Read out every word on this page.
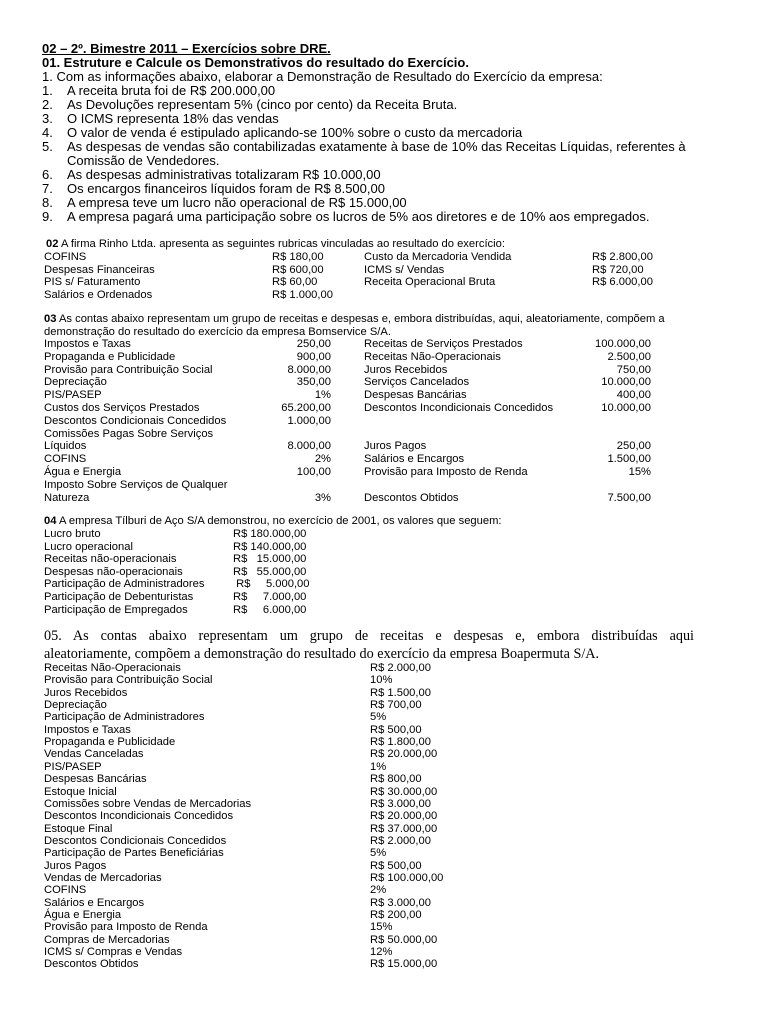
02 – 2º. Bimestre 2011 – Exercícios sobre DRE.
01. Estruture e Calcule os Demonstrativos do resultado do Exercício.
1. Com as informações abaixo, elaborar a Demonstração de Resultado do Exercício da empresa:
1. A receita bruta foi de R$ 200.000,00
2. As Devoluções representam 5% (cinco por cento) da Receita Bruta.
3. O ICMS representa 18% das vendas
4. O valor de venda é estipulado aplicando-se 100% sobre o custo da mercadoria
5. As despesas de vendas são contabilizadas exatamente à base de 10% das Receitas Líquidas, referentes à
Comissão de Vendedores.
6. As despesas administrativas totalizaram R$ 10.000,00
7. Os encargos financeiros líquidos foram de R$ 8.500,00
8. A empresa teve um lucro não operacional de R$ 15.000,00
9. A empresa pagará uma participação sobre os lucros de 5% aos diretores e de 10% aos empregados.
02 A firma Rinho Ltda. apresenta as seguintes rubricas vinculadas ao resultado do exercício:
COFINS	R$ 180,00
Despesas Financeiras	R$ 600,00
PIS s/ Faturamento	R$ 60,00
Salários e Ordenados	R$ 1.000,00
Custo da Mercadoria Vendida	R$ 2.800,00
ICMS s/ Vendas	R$ 720,00
Receita Operacional Bruta	R$ 6.000,00
03 As contas abaixo representam um grupo de receitas e despesas e, embora distribuídas, aqui, aleatoriamente, compõem a
demonstração do resultado do exercício da empresa Bomservice S/A.
Impostos e Taxas	250,00
Propaganda e Publicidade	900,00
Provisão para Contribuição Social	8.000,00
Depreciação	350,00
PIS/PASEP	1%
Custos dos Serviços Prestados	65.200,00
Descontos Condicionais Concedidos	1.000,00
Comissões Pagas Sobre Serviços
Líquidos	8.000,00
COFINS	2%
Água e Energia	100,00
Imposto Sobre Serviços de Qualquer
Natureza	3%
Receitas de Serviços Prestados	100.000,00
Receitas Não-Operacionais	2.500,00
Juros Recebidos	750,00
Serviços Cancelados	10.000,00
Despesas Bancárias	400,00
Descontos Incondicionais Concedidos	10.000,00
Juros Pagos	250,00
Salários e Encargos	1.500,00
Provisão para Imposto de Renda	15%
Descontos Obtidos	7.500,00
04 A empresa Tílburi de Aço S/A demonstrou, no exercício de 2001, os valores que seguem:
Lucro bruto	R$ 180.000,00
Lucro operacional	R$ 140.000,00
Receitas não-operacionais	R$   15.000,00
Despesas não-operacionais	R$   55.000,00
Participação de Administradores	R$     5.000,00
Participação de Debenturistas	R$     7.000,00
Participação de Empregados	R$     6.000,00
05. As contas abaixo representam um grupo de receitas e despesas e, embora distribuídas aqui
aleatoriamente, compõem a demonstração do resultado do exercício da empresa Boapermuta S/A.
Receitas Não-Operacionais	R$ 2.000,00
Provisão para Contribuição Social	10%
Juros Recebidos	R$ 1.500,00
Depreciação	R$ 700,00
Participação de Administradores	5%
Impostos e Taxas	R$ 500,00
Propaganda e Publicidade	R$ 1.800,00
Vendas Canceladas	R$ 20.000,00
PIS/PASEP	1%
Despesas Bancárias	R$ 800,00
Estoque Inicial	R$ 30.000,00
Comissões sobre Vendas de Mercadorias	R$ 3.000,00
Descontos Incondicionais Concedidos	R$ 20.000,00
Estoque Final	R$ 37.000,00
Descontos Condicionais Concedidos	R$ 2.000,00
Participação de Partes Beneficiárias	5%
Juros Pagos	R$ 500,00
Vendas de Mercadorias	R$ 100.000,00
COFINS	2%
Salários e Encargos	R$ 3.000,00
Água e Energia	R$ 200,00
Provisão para Imposto de Renda	15%
Compras de Mercadorias	R$ 50.000,00
ICMS s/ Compras e Vendas	12%
Descontos Obtidos	R$ 15.000,00
